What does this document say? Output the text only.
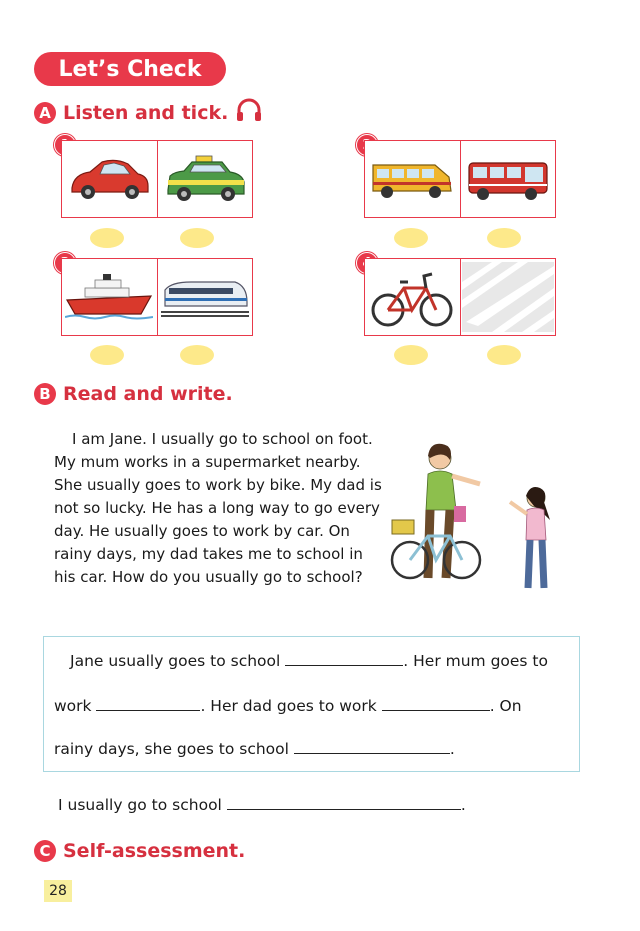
Let’s Check
A Listen and tick.
B Read and write.

I am Jane. I usually go to school on foot. My mum works in a supermarket nearby. She usually goes to work by bike. My dad is not so lucky. He has a long way to go every day. He usually goes to work by car. On rainy days, my dad takes me to school in his car. How do you usually go to school?

Jane usually goes to school	. Her mum goes to
work	. Her dad goes to work	. On
rainy days, she goes to school	.
I usually go to school	.
C Self-assessment.
28
